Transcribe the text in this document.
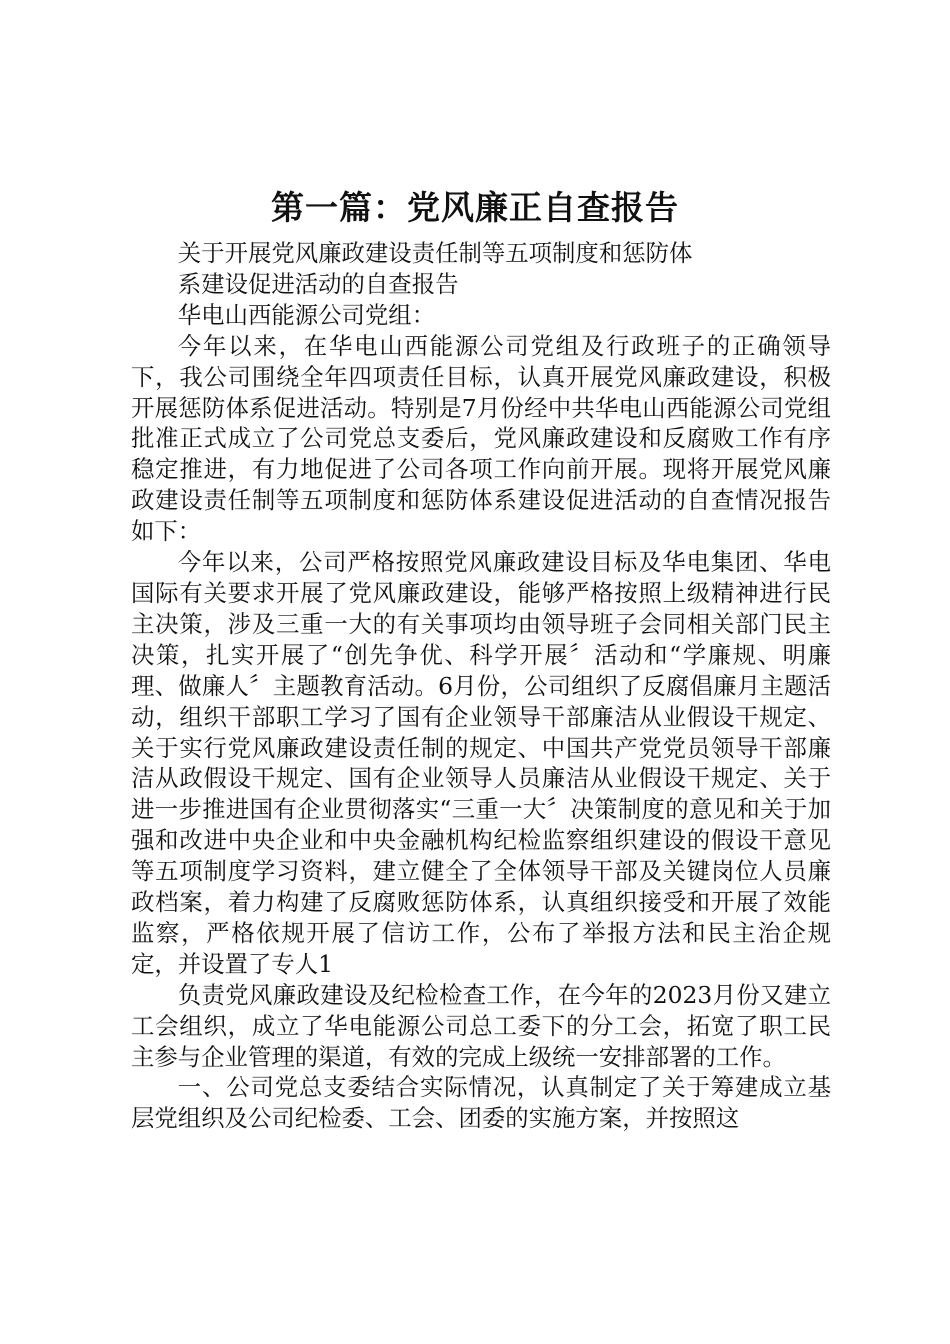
第一篇：党风廉正自查报告

关于开展党风廉政建设责任制等五项制度和惩防体

系建设促进活动的自查报告

华电山西能源公司党组：

今年以来，在华电山西能源公司党组及行政班子的正确领导下，我公司围绕全年四项责任目标，认真开展党风廉政建设，积极开展惩防体系促进活动。特别是7月份经中共华电山西能源公司党组批准正式成立了公司党总支委后，党风廉政建设和反腐败工作有序稳定推进，有力地促进了公司各项工作向前开展。现将开展党风廉政建设责任制等五项制度和惩防体系建设促进活动的自查情况报告如下：

今年以来，公司严格按照党风廉政建设目标及华电集团、华电国际有关要求开展了党风廉政建设，能够严格按照上级精神进行民主决策，涉及三重一大的有关事项均由领导班子会同相关部门民主决策，扎实开展了“创先争优、科学开展〞活动和“学廉规、明廉理、做廉人〞主题教育活动。6月份，公司组织了反腐倡廉月主题活动，组织干部职工学习了国有企业领导干部廉洁从业假设干规定、关于实行党风廉政建设责任制的规定、中国共产党党员领导干部廉洁从政假设干规定、国有企业领导人员廉洁从业假设干规定、关于进一步推进国有企业贯彻落实“三重一大〞决策制度的意见和关于加强和改进中央企业和中央金融机构纪检监察组织建设的假设干意见等五项制度学习资料，建立健全了全体领导干部及关键岗位人员廉政档案，着力构建了反腐败惩防体系，认真组织接受和开展了效能监察，严格依规开展了信访工作，公布了举报方法和民主治企规定，并设置了专人1

负责党风廉政建设及纪检检查工作，在今年的2023月份又建立工会组织，成立了华电能源公司总工委下的分工会，拓宽了职工民主参与企业管理的渠道，有效的完成上级统一安排部署的工作。

一、公司党总支委结合实际情况，认真制定了关于筹建成立基层党组织及公司纪检委、工会、团委的实施方案，并按照这
